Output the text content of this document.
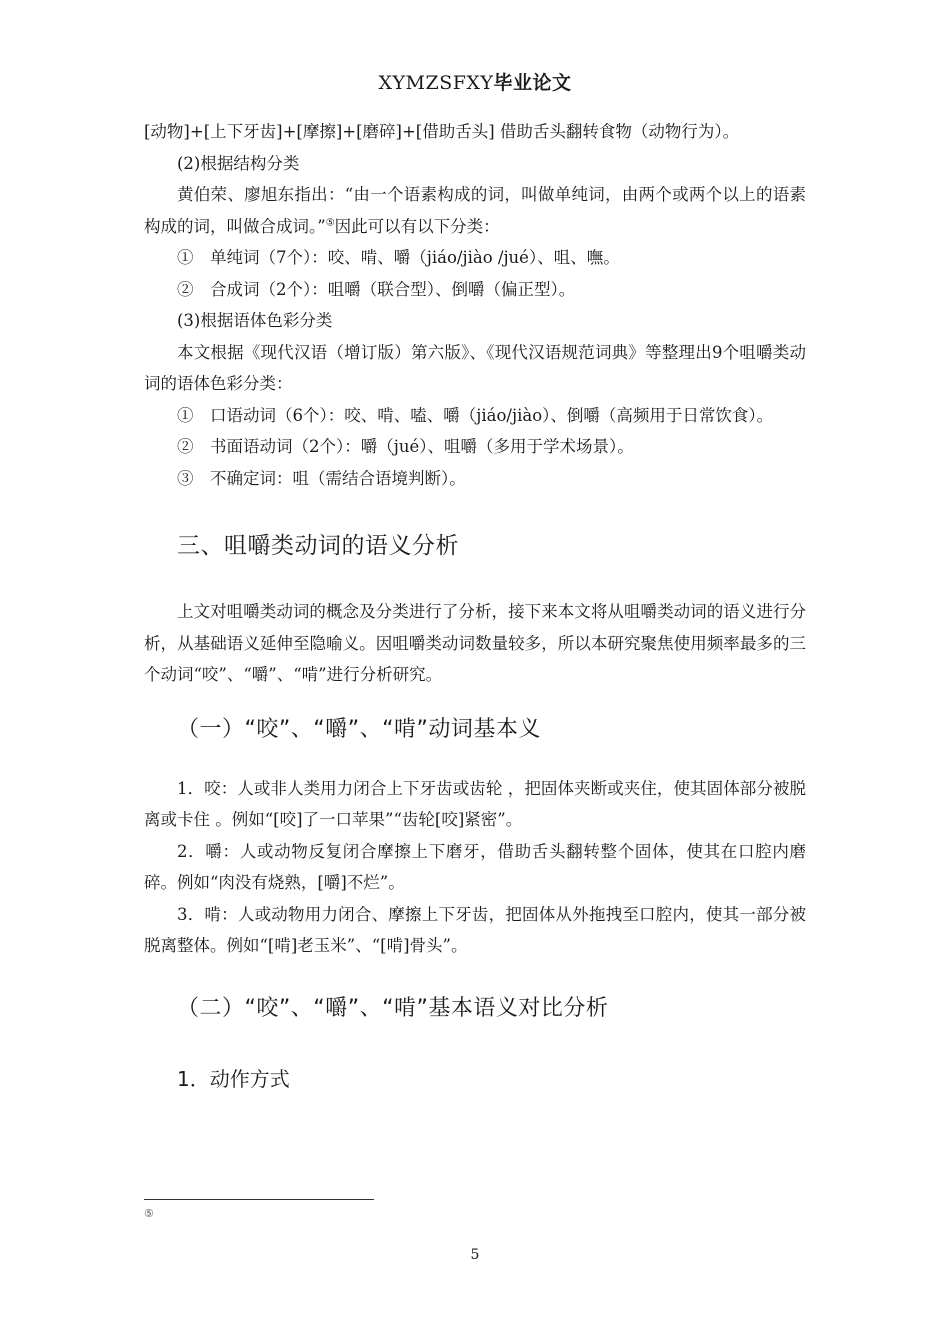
XYMZSFXY毕业论文

[动物]+[上下牙齿]+[摩擦]+[磨碎]+[借助舌头] 借助舌头翻转食物（动物行为）。

(2)根据结构分类

黄伯荣、廖旭东指出：“由一个语素构成的词，叫做单纯词，由两个或两个以上的语素构成的词，叫做合成词。”⑤因此可以有以下分类：

①　单纯词（7个）：咬、啃、嚼（jiáo/jiào /jué）、咀、嘸。

②　合成词（2个）：咀嚼（联合型）、倒嚼（偏正型）。

(3)根据语体色彩分类

本文根据《现代汉语（增订版）第六版》、《现代汉语规范词典》等整理出9个咀嚼类动词的语体色彩分类：

①　口语动词（6个）：咬、啃、嗑、嚼（jiáo/jiào）、倒嚼（高频用于日常饮食）。

②　书面语动词（2个）：嚼（jué）、咀嚼（多用于学术场景）。

③　不确定词：咀（需结合语境判断）。

三、咀嚼类动词的语义分析

上文对咀嚼类动词的概念及分类进行了分析，接下来本文将从咀嚼类动词的语义进行分析，从基础语义延伸至隐喻义。因咀嚼类动词数量较多，所以本研究聚焦使用频率最多的三个动词“咬”、“嚼”、“啃”进行分析研究。

（一）“咬”、“嚼”、“啃”动词基本义

1．咬：人或非人类用力闭合上下牙齿或齿轮 ，把固体夹断或夹住，使其固体部分被脱离或卡住 。例如“[咬]了一口苹果”“齿轮[咬]紧密”。

2．嚼：人或动物反复闭合摩擦上下磨牙，借助舌头翻转整个固体，使其在口腔内磨碎。例如“肉没有烧熟，[嚼]不烂”。

3．啃：人或动物用力闭合、摩擦上下牙齿，把固体从外拖拽至口腔内，使其一部分被脱离整体。例如“[啃]老玉米”、“[啃]骨头”。

（二）“咬”、“嚼”、“啃”基本语义对比分析
1．动作方式
⑤
5
